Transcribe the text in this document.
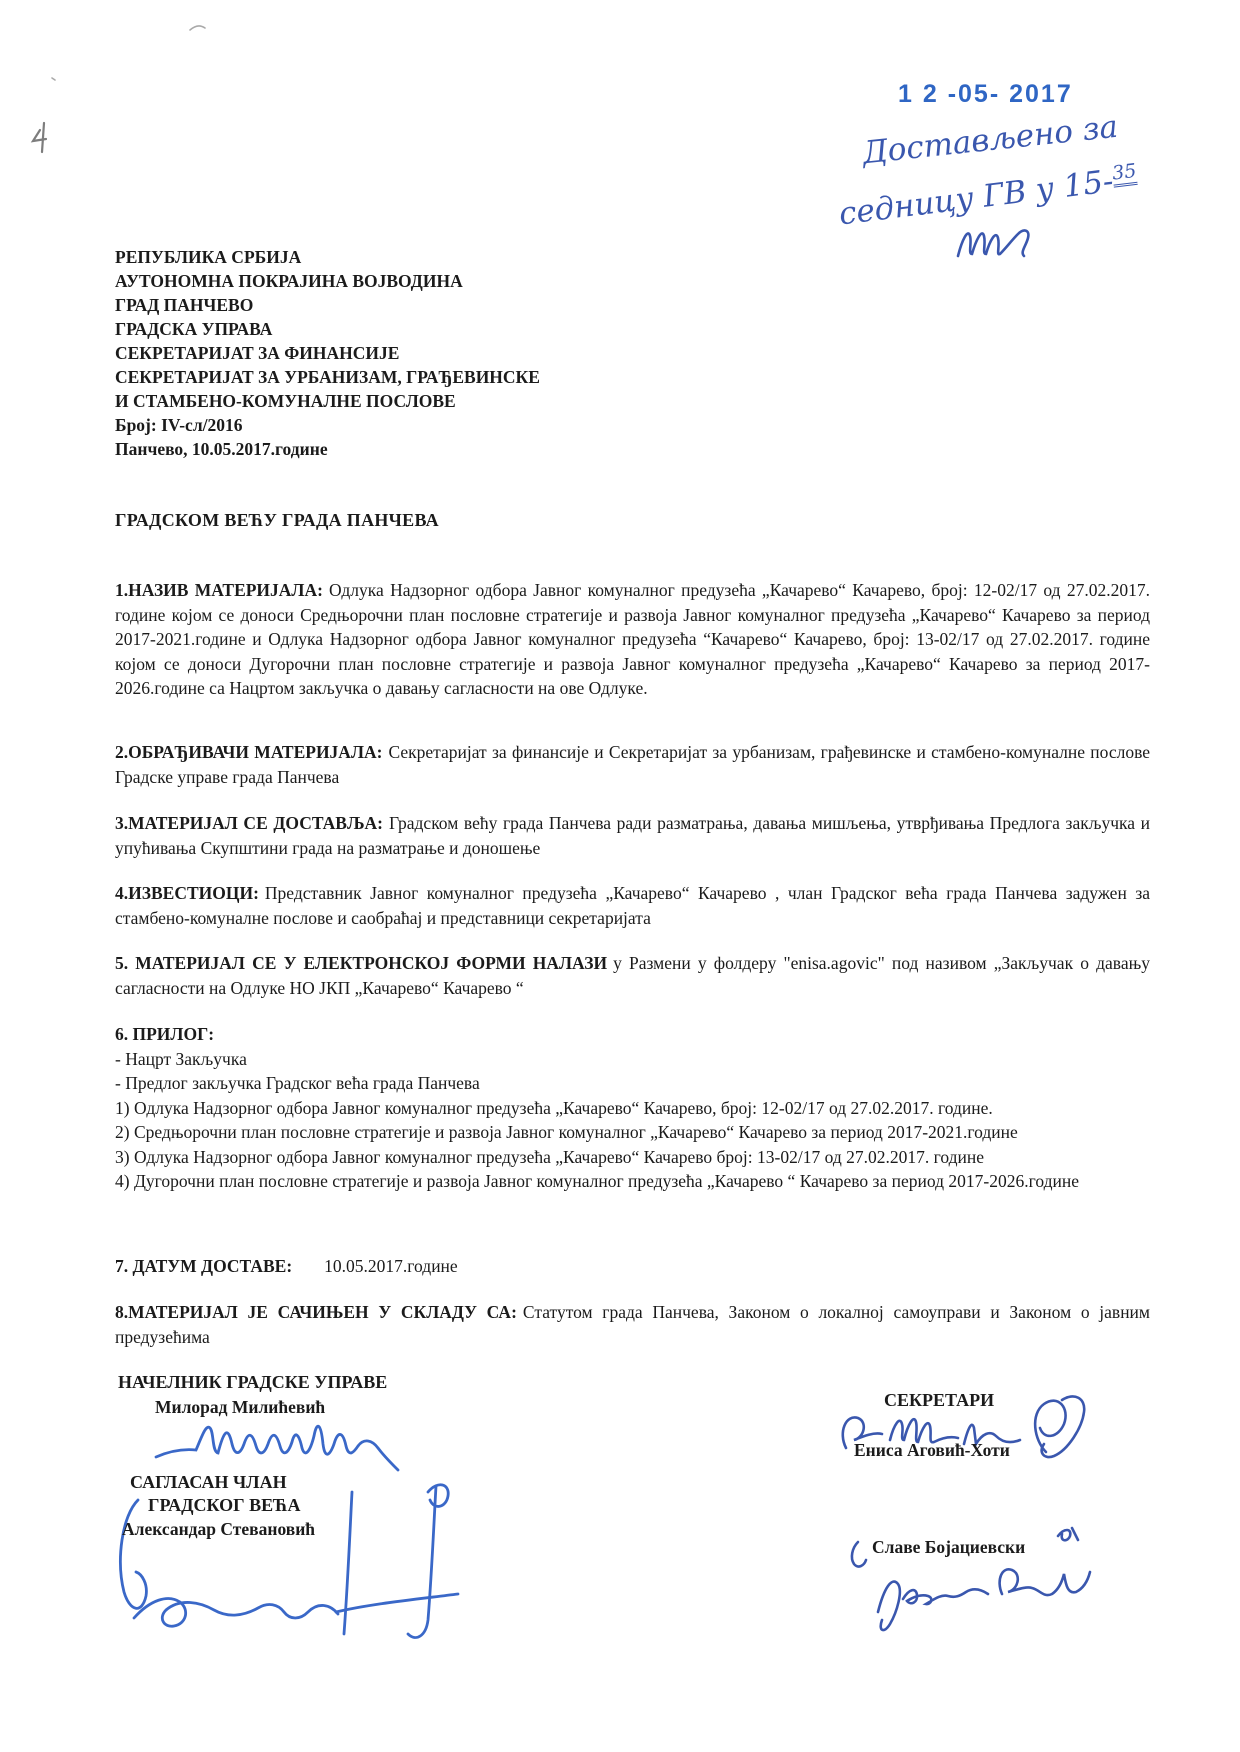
1 2 -05- 2017
Достављено за
седницу ГВ у 15-$^{35}$
РЕПУБЛИКА СРБИЈА
АУТОНОМНА ПОКРАЈИНА ВОЈВОДИНА
ГРАД ПАНЧЕВО
ГРАДСКА УПРАВА
СЕКРЕТАРИЈАТ ЗА ФИНАНСИЈЕ
СЕКРЕТАРИЈАТ ЗА УРБАНИЗАМ, ГРАЂЕВИНСКЕ
И СТАМБЕНО-КОМУНАЛНЕ ПОСЛОВЕ
Број: IV-сл/2016
Панчево, 10.05.2017.године
ГРАДСКОМ ВЕЋУ ГРАДА ПАНЧЕВА
1.НАЗИВ МАТЕРИЈАЛА: Одлука Надзорног одбора Јавног комуналног предузећа „Качарево“ Качарево, број: 12-02/17 од 27.02.2017. године којом се доноси Средњорочни план пословне стратегије и развоја Јавног комуналног предузећа „Качарево“ Качарево за период 2017-2021.године и Одлука Надзорног одбора Јавног комуналног предузећа “Качарево“ Качарево, број: 13-02/17 од 27.02.2017. године којом се доноси Дугорочни план пословне стратегије и развоја Јавног комуналног предузећа „Качарево“ Качарево за период 2017-2026.године са Нацртом закључка о давању сагласности на ове Одлуке.
2.ОБРАЂИВАЧИ МАТЕРИЈАЛА: Секретаријат за финансије и Секретаријат за урбанизам, грађевинске и стамбено-комуналне послове Градске управе града Панчева
3.МАТЕРИЈАЛ СЕ ДОСТАВЉА: Градском већу града Панчева ради разматрања, давања мишљења, утврђивања Предлога закључка и упућивања Скупштини града на разматрање и доношење
4.ИЗВЕСТИОЦИ: Представник Јавног комуналног предузећа „Качарево“ Качарево , члан Градског већа града Панчева задужен за стамбено-комуналне послове и саобраћај и представници секретаријата
5. МАТЕРИЈАЛ СЕ У ЕЛЕКТРОНСКОЈ ФОРМИ НАЛАЗИ у Размени у фолдеру "enisa.agovic" под називом „Закључак о давању сагласности на Одлуке НО ЈКП „Качарево“ Качарево “
6. ПРИЛОГ:
- Нацрт Закључка
- Предлог закључка Градског већа града Панчева
1) Одлука Надзорног одбора Јавног комуналног предузећа „Качарево“ Качарево, број: 12-02/17 од 27.02.2017. године.
2) Средњорочни план пословне стратегије и развоја Јавног комуналног „Качарево“ Качарево за период 2017-2021.године
3) Одлука Надзорног одбора Јавног комуналног предузећа „Качарево“ Качарево број: 13-02/17 од 27.02.2017. године
4) Дугорочни план пословне стратегије и развоја Јавног комуналног предузећа „Качарево “ Качарево за период 2017-2026.године
7. ДАТУМ ДОСТАВЕ: 10.05.2017.године
8.МАТЕРИЈАЛ ЈЕ САЧИЊЕН У СКЛАДУ СА: Статутом града Панчева, Законом о локалној самоуправи и Законом о јавним предузећима
НАЧЕЛНИК ГРАДСКЕ УПРАВЕ
Милорад Милићевић
САГЛАСАН ЧЛАН
ГРАДСКОГ ВЕЋА
Александар Стевановић
СЕКРЕТАРИ
Ениса Аговић-Хоти
Славе Бојациевски
